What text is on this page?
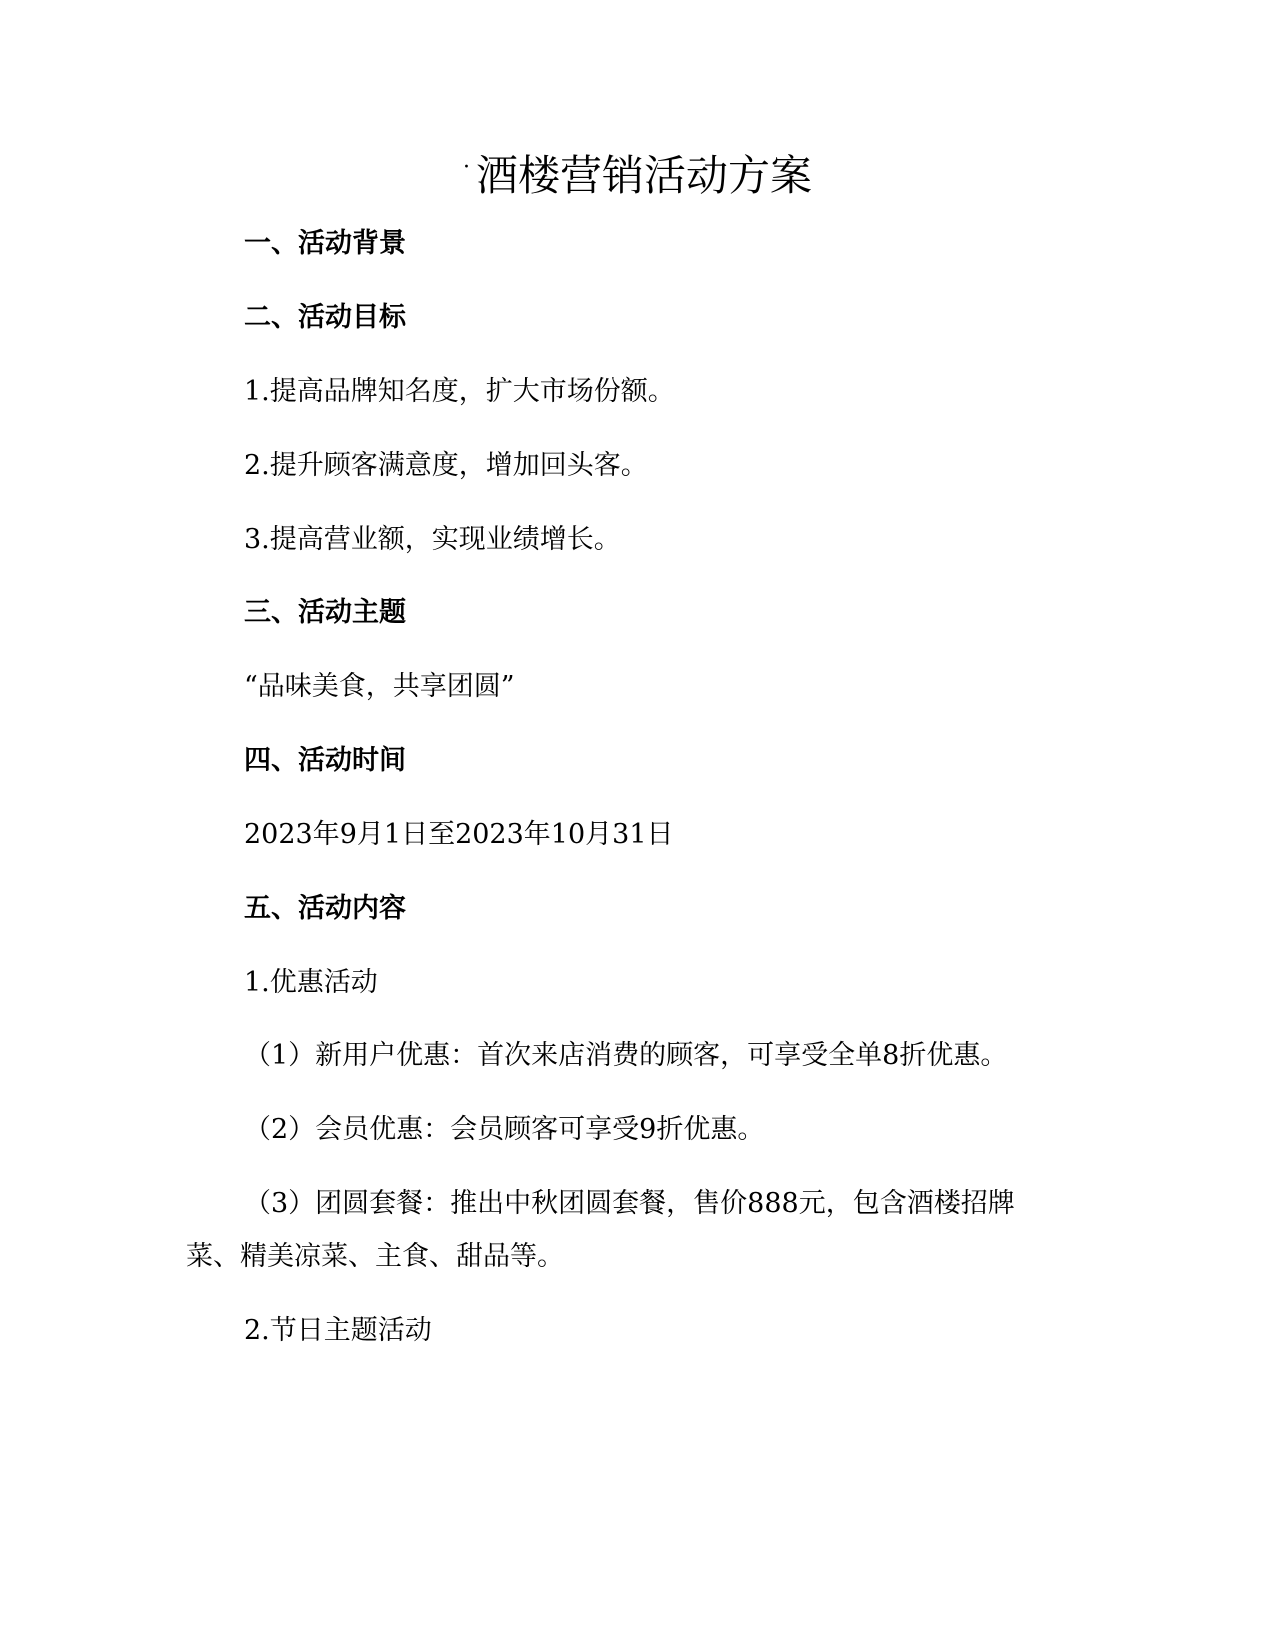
· 酒楼营销活动方案
一、活动背景
二、活动目标
1.提高品牌知名度，扩大市场份额。
2.提升顾客满意度，增加回头客。
3.提高营业额，实现业绩增长。
三、活动主题
“品味美食，共享团圆”
四、活动时间
2023年9月1日至2023年10月31日
五、活动内容
1.优惠活动
（1）新用户优惠：首次来店消费的顾客，可享受全单8折优惠。
（2）会员优惠：会员顾客可享受9折优惠。
（3）团圆套餐：推出中秋团圆套餐，售价888元，包含酒楼招牌
菜、精美凉菜、主食、甜品等。
2.节日主题活动
